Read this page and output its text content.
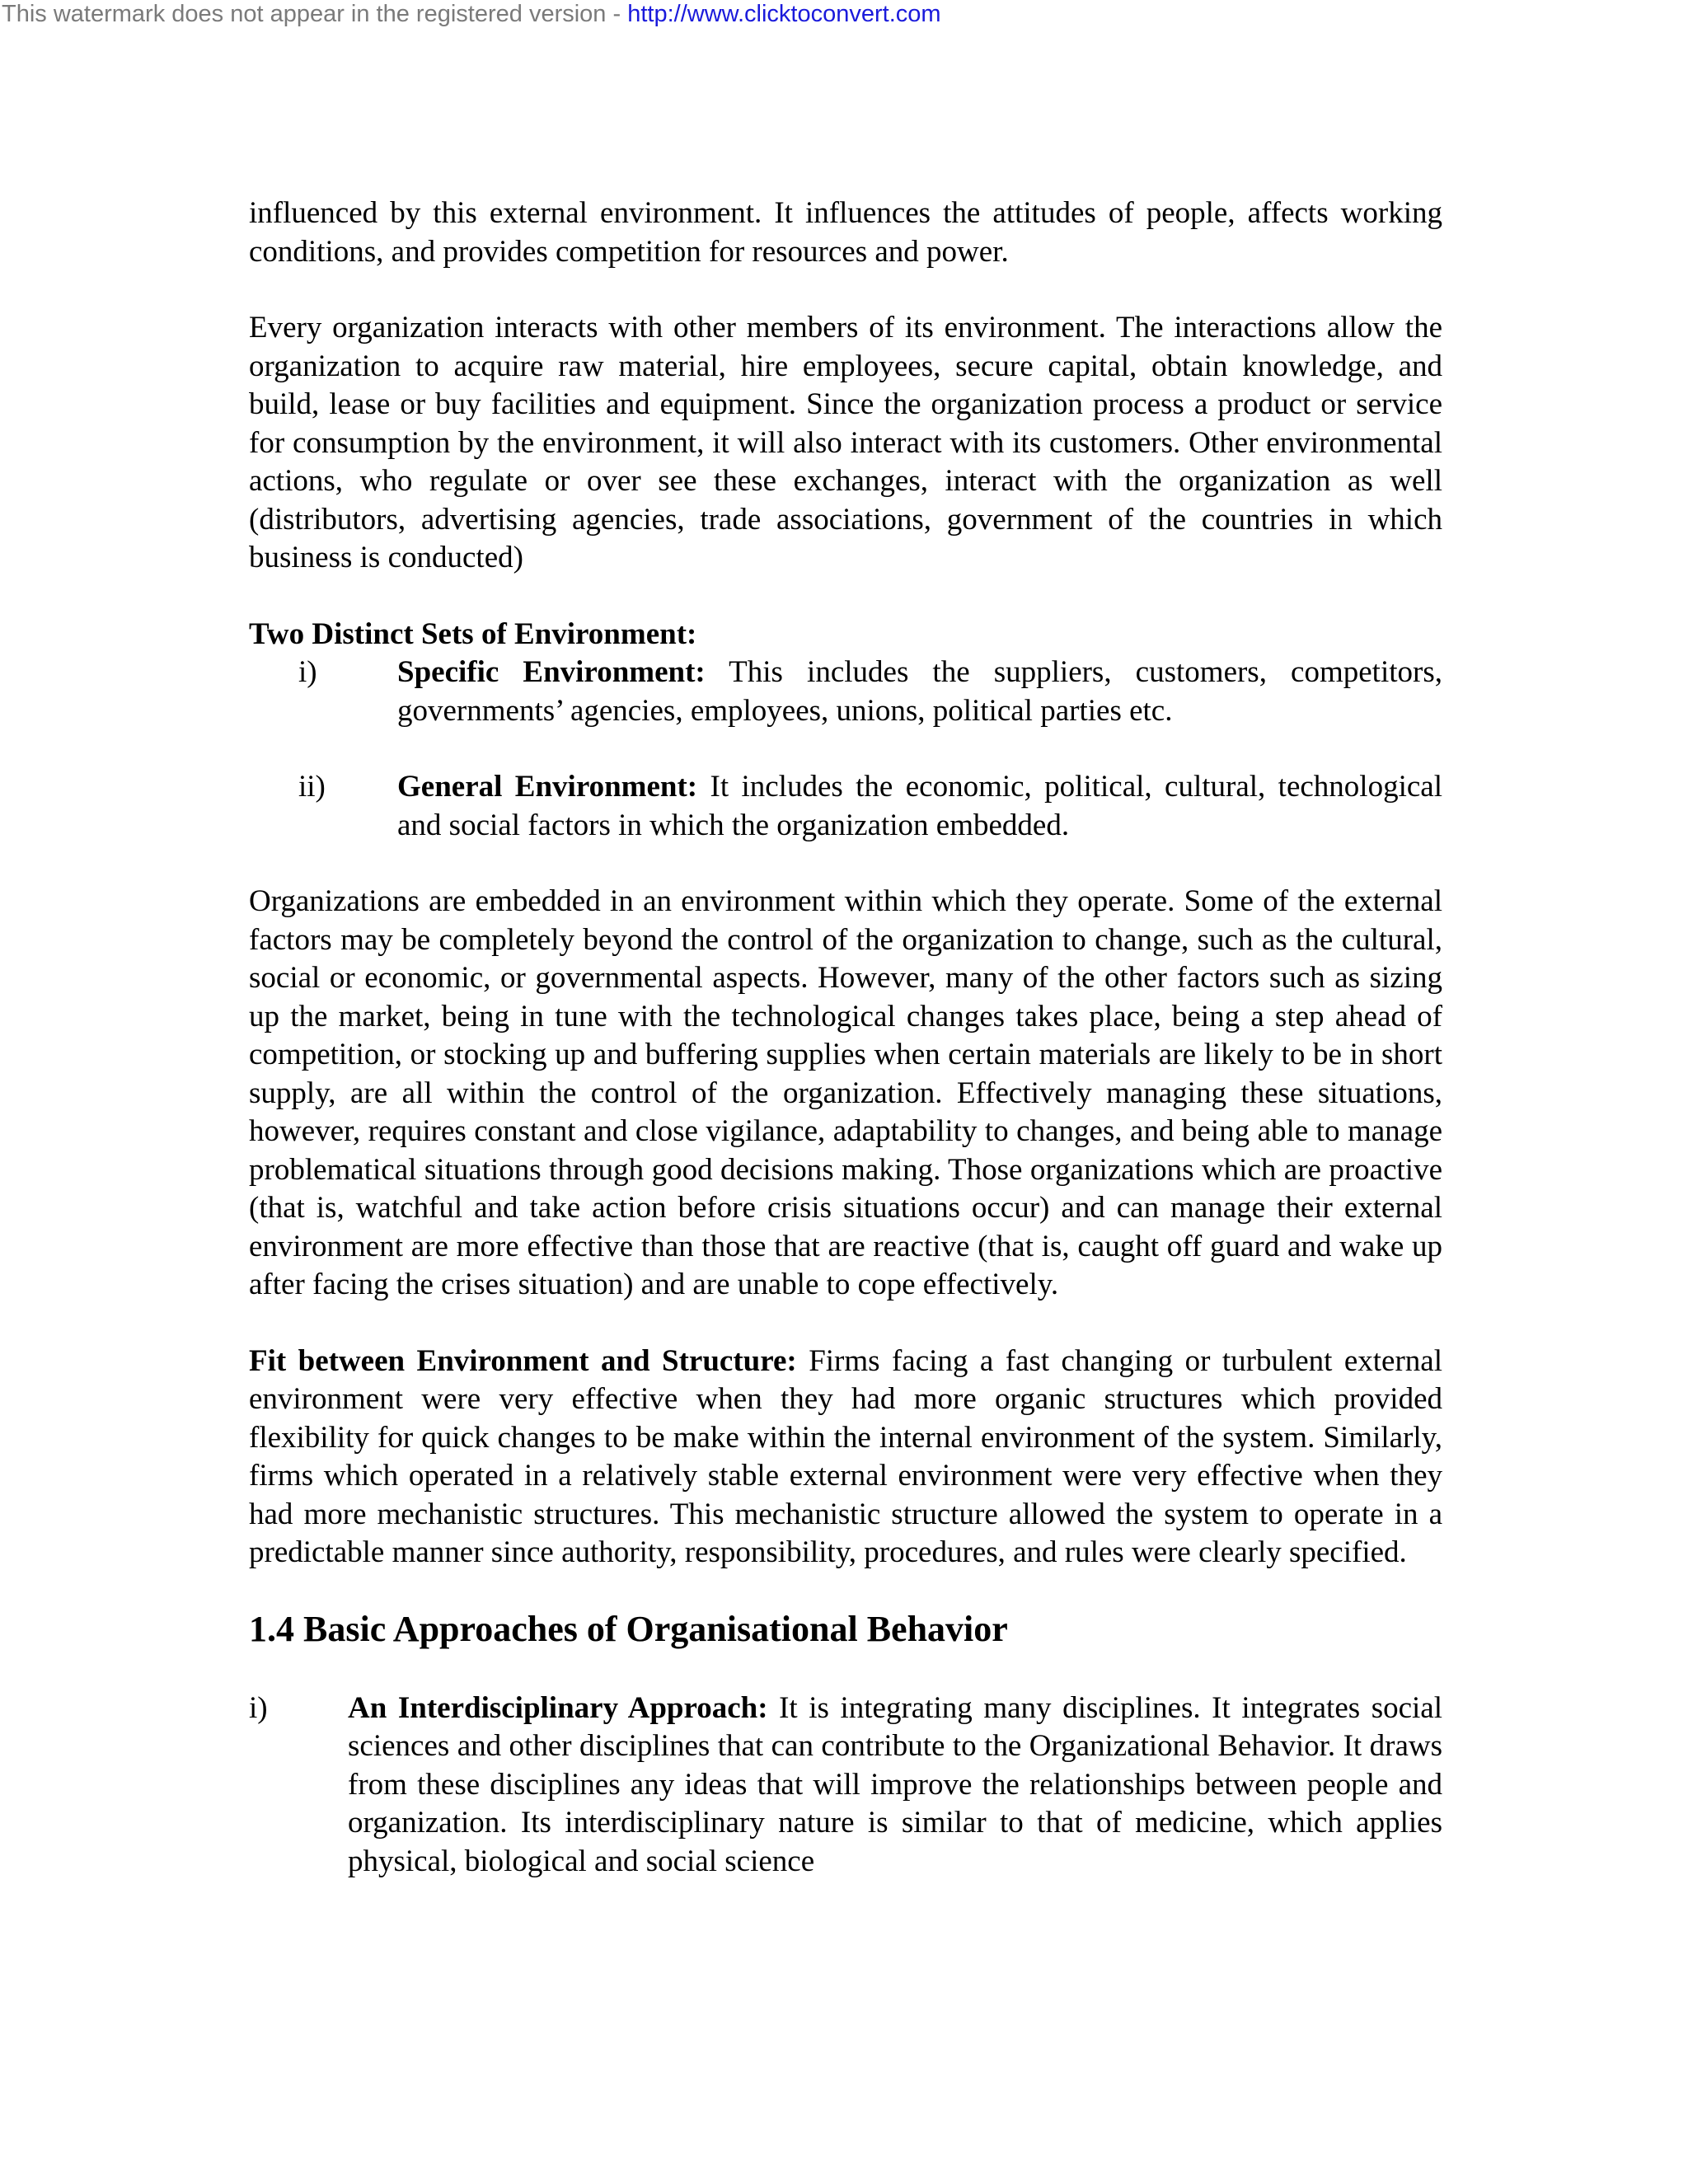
This watermark does not appear in the registered version - http://www.clicktoconvert.com

influenced by this external environment. It influences the attitudes of people, affects working conditions, and provides competition for resources and power.

Every organization interacts with other members of its environment. The interactions allow the organization to acquire raw material, hire employees, secure capital, obtain knowledge, and build, lease or buy facilities and equipment. Since the organization process a product or service for consumption by the environment, it will also interact with its customers. Other environmental actions, who regulate or over see these exchanges, interact with the organization as well (distributors, advertising agencies, trade associations, government of the countries in which business is conducted)

Two Distinct Sets of Environment:

i)	Specific Environment: This includes the suppliers, customers, competitors, governments’ agencies, employees, unions, political parties etc.
ii) General Environment: It includes the economic, political, cultural, technological and social factors in which the organization embedded.

Organizations are embedded in an environment within which they operate. Some of the external factors may be completely beyond the control of the organization to change, such as the cultural, social or economic, or governmental aspects. However, many of the other factors such as sizing up the market, being in tune with the technological changes takes place, being a step ahead of competition, or stocking up and buffering supplies when certain materials are likely to be in short supply, are all within the control of the organization. Effectively managing these situations, however, requires constant and close vigilance, adaptability to changes, and being able to manage problematical situations through good decisions making. Those organizations which are proactive (that is, watchful and take action before crisis situations occur) and can manage their external environment are more effective than those that are reactive (that is, caught off guard and wake up after facing the crises situation) and are unable to cope effectively.

Fit between Environment and Structure: Firms facing a fast changing or turbulent external environment were very effective when they had more organic structures which provided flexibility for quick changes to be make within the internal environment of the system. Similarly, firms which operated in a relatively stable external environment were very effective when they had more mechanistic structures. This mechanistic structure allowed the system to operate in a predictable manner since authority, responsibility, procedures, and rules were clearly specified.

1.4 Basic Approaches of Organisational Behavior
i)	An Interdisciplinary Approach: It is integrating many disciplines. It integrates social sciences and other disciplines that can contribute to the Organizational Behavior. It draws from these disciplines any ideas that will improve the relationships between people and organization. Its interdisciplinary nature is similar to that of medicine, which applies physical, biological and social science
